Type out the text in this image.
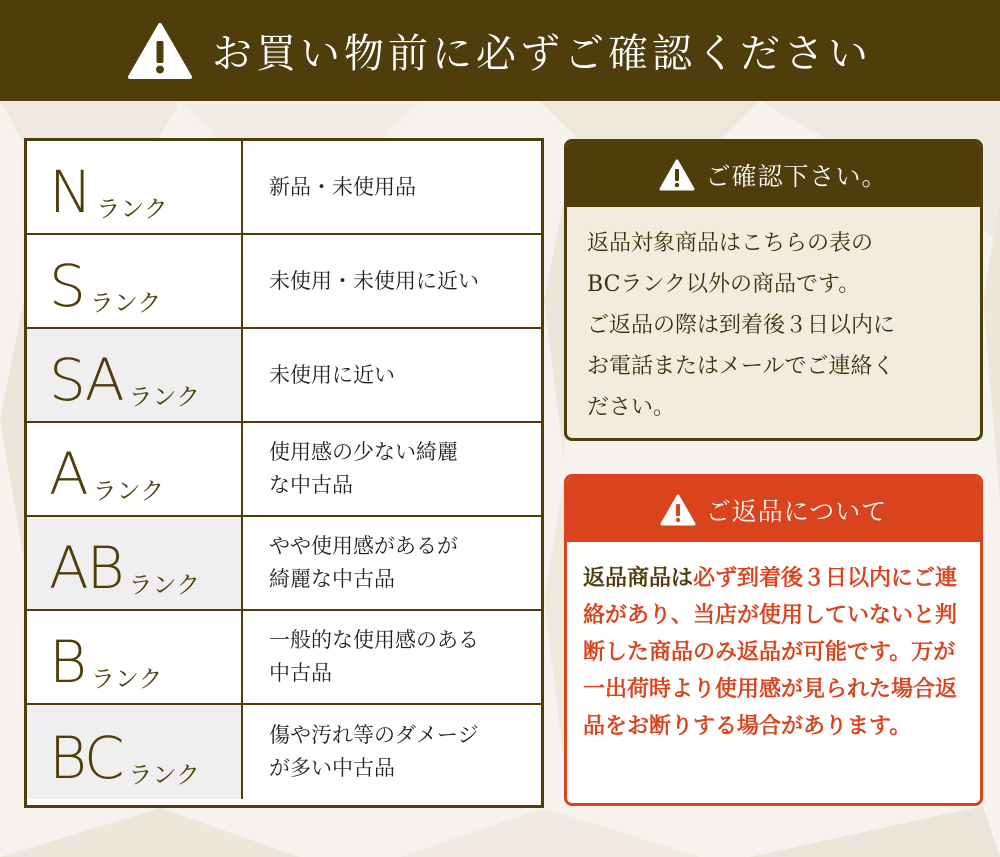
お買い物前に必ずご確認ください
N ランク
新品・未使用品
S ランク
未使用・未使用に近い
SA ランク
未使用に近い
A ランク
使用感の少ない綺麗
な中古品
AB ランク
やや使用感があるが
綺麗な中古品
B ランク
一般的な使用感のある
中古品
BC ランク
傷や汚れ等のダメージ
が多い中古品
ご確認下さい。
返品対象商品はこちらの表の
BCランク以外の商品です。
ご返品の際は到着後３日以内に
お電話またはメールでご連絡く
ださい。
ご返品について
返品商品は必ず到着後３日以内にご連絡があり、当店が使用していないと判断した商品のみ返品が可能です。万が一出荷時より使用感が見られた場合返品をお断りする場合があります。
